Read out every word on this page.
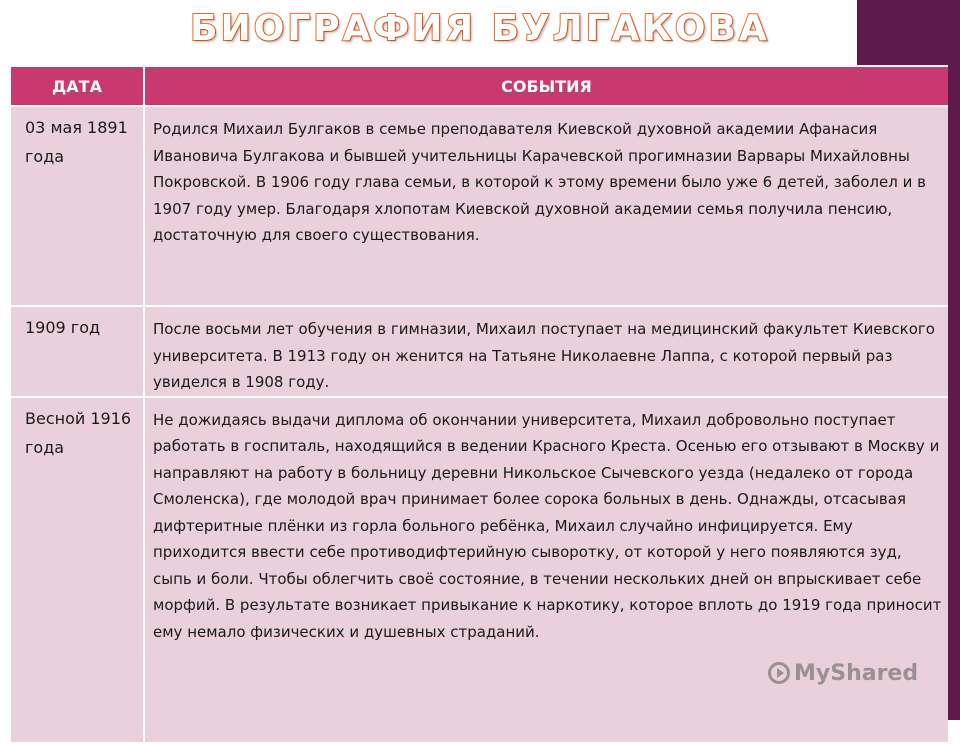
БИОГРАФИЯ БУЛГАКОВА
ДАТА	СОБЫТИЯ
03 мая 1891 года	Родился Михаил Булгаков в семье преподавателя Киевской духовной академии Афанасия Ивановича Булгакова и бывшей учительницы Карачевской прогимназии Варвары Михайловны Покровской. В 1906 году глава семьи, в которой к этому времени было уже 6 детей, заболел и в 1907 году умер. Благодаря хлопотам Киевской духовной академии семья получила пенсию, достаточную для своего существования.
1909 год	После восьми лет обучения в гимназии, Михаил поступает на медицинский факультет Киевского университета. В 1913 году он женится на Татьяне Николаевне Лаппа, с которой первый раз увиделся в 1908 году.
Весной 1916 года	Не дожидаясь выдачи диплома об окончании университета, Михаил добровольно поступает работать в госпиталь, находящийся в ведении Красного Креста. Осенью его отзывают в Москву и направляют на работу в больницу деревни Никольское Сычевского уезда (недалеко от города Смоленска), где молодой врач принимает более сорока больных в день. Однажды, отсасывая дифтеритные плёнки из горла больного ребёнка, Михаил случайно инфицируется. Ему приходится ввести себе противодифтерийную сыворотку, от которой у него появляются зуд, сыпь и боли. Чтобы облегчить своё состояние, в течении нескольких дней он впрыскивает себе морфий. В результате возникает привыкание к наркотику, которое вплоть до 1919 года приносит ему немало физических и душевных страданий.
MyShared
